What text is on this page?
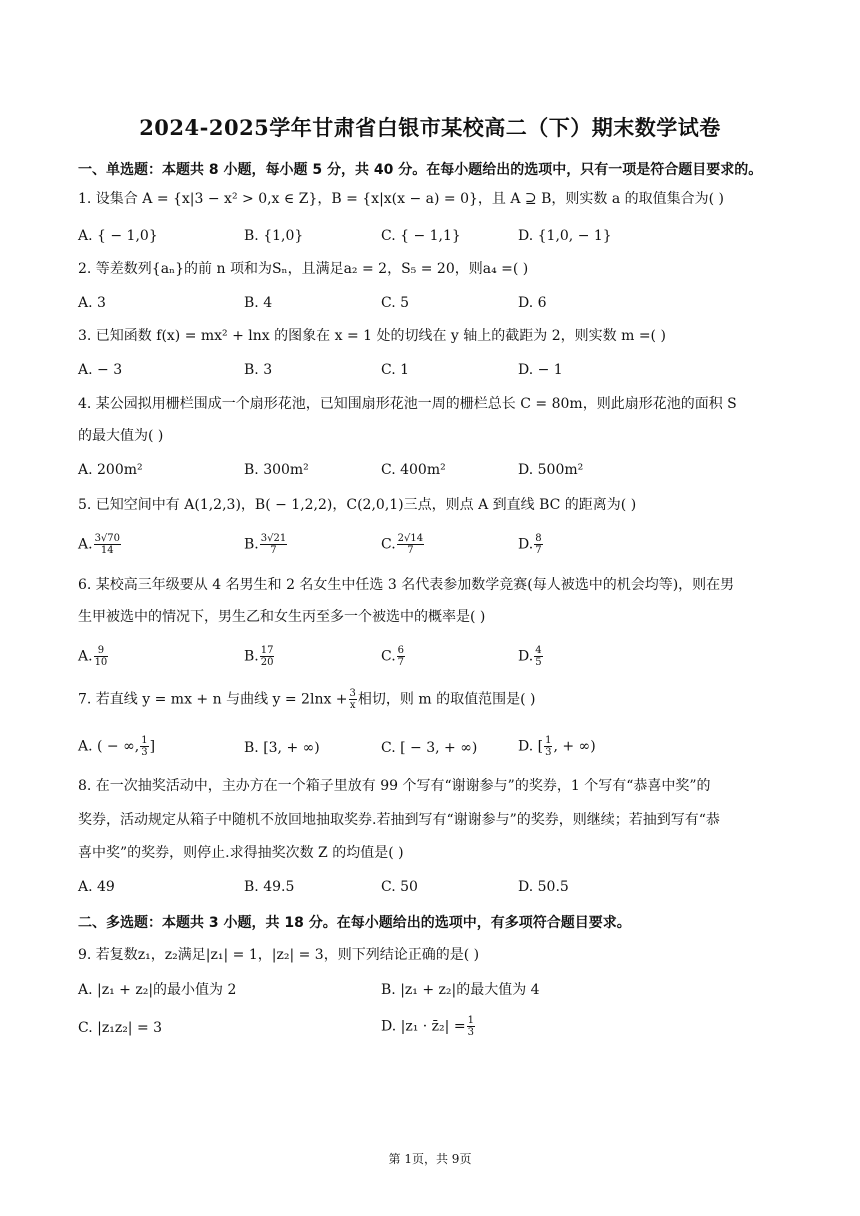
2024-2025学年甘肃省白银市某校高二（下）期末数学试卷
一、单选题：本题共 8 小题，每小题 5 分，共 40 分。在每小题给出的选项中，只有一项是符合题目要求的。
1. 设集合 A = {x|3 − x² > 0,x ∈ Z}，B = {x|x(x − a) = 0}，且 A ⊇ B，则实数 a 的取值集合为( )
A. { − 1,0}	B. {1,0}	C. { − 1,1}	D. {1,0, − 1}
2. 等差数列{aₙ}的前 n 项和为Sₙ，且满足a₂ = 2，S₅ = 20，则a₄ =( )
A. 3	B. 4	C. 5	D. 6
3. 已知函数 f(x) = mx² + lnx 的图象在 x = 1 处的切线在 y 轴上的截距为 2，则实数 m =( )
A. − 3	B. 3	C. 1	D. − 1
4. 某公园拟用栅栏围成一个扇形花池，已知围扇形花池一周的栅栏总长 C = 80m，则此扇形花池的面积 S
的最大值为( )
A. 200m²	B. 300m²	C. 400m²	D. 500m²
5. 已知空间中有 A(1,2,3)，B( − 1,2,2)，C(2,0,1)三点，则点 A 到直线 BC 的距离为( )
A. $\frac{3√70}{14}$	B. $\frac{3√21}{7}$	C. $\frac{2√14}{7}$	D. $\frac{8}{7}$
6. 某校高三年级要从 4 名男生和 2 名女生中任选 3 名代表参加数学竞赛(每人被选中的机会均等)，则在男
生甲被选中的情况下，男生乙和女生丙至多一个被选中的概率是( )
A. $\frac{9}{10}$	B. $\frac{17}{20}$	C. $\frac{6}{7}$	D. $\frac{4}{5}$
7. 若直线 y = mx + n 与曲线 $y = 2\ln x + \frac{3}{x}$ 相切，则 m 的取值范围是( )
A. ( − ∞, $\frac{1}{3}$ ]	B. [3, + ∞)	C. [ − 3, + ∞)	D. [ $\frac{1}{3}$ , + ∞)
8. 在一次抽奖活动中，主办方在一个箱子里放有 99 个写有“谢谢参与”的奖券，1 个写有“恭喜中奖”的
奖券，活动规定从箱子中随机不放回地抽取奖券.若抽到写有“谢谢参与”的奖券，则继续；若抽到写有“恭
喜中奖”的奖券，则停止.求得抽奖次数 Z 的均值是( )
A. 49	B. 49.5	C. 50	D. 50.5
二、多选题：本题共 3 小题，共 18 分。在每小题给出的选项中，有多项符合题目要求。
9. 若复数z₁，z₂满足|z₁| = 1，|z₂| = 3，则下列结论正确的是( )
A. |z₁ + z₂|的最小值为 2	B. |z₁ + z₂|的最大值为 4
C. |z₁z₂| = 3	D. |z₁ · z̄₂| = $\frac{1}{3}$
第 1页，共 9页
